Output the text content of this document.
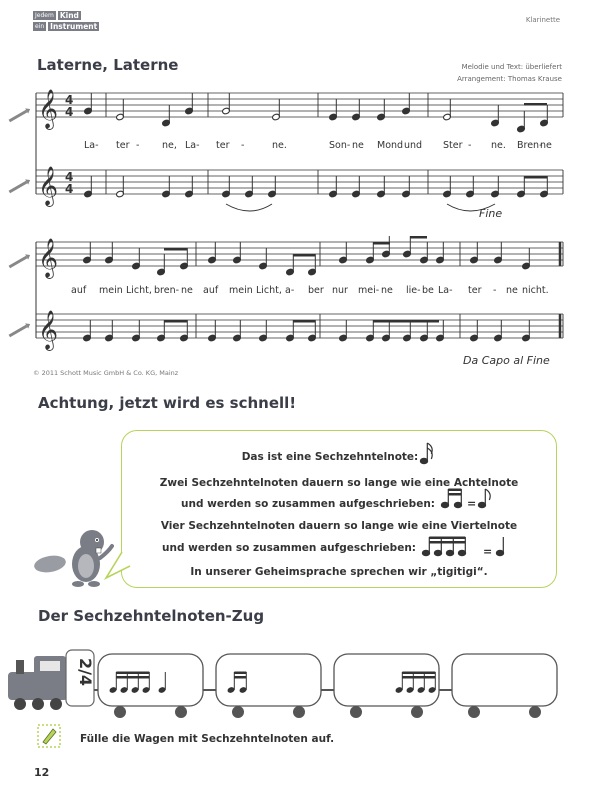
Jedem Kind
ein Instrument
Klarinette
Laterne, Laterne	Melodie und Text: überliefert
Arrangement: Thomas Krause
𝄞
𝄞
4
4
4
4
𝄞
𝄞
La- ter - ne, La- ter -	ne.	Son- ne Mond und Ster - ne. Bren-
ne
auf mein Licht, bren- ne auf mein Licht, a- ber nur mei- ne lie- be La- ter - ne nicht.
Fine
Da Capo al Fine
© 2011 Schott Music GmbH & Co. KG, Mainz
Achtung, jetzt wird es schnell!
Das ist eine Sechzehntelnote:
Zwei Sechzehntelnoten dauern so lange wie eine Achtelnote
und werden so zusammen aufgeschrieben:
Vier Sechzehntelnoten dauern so lange wie eine Viertelnote
und werden so zusammen aufgeschrieben:
In unserer Geheimsprache sprechen wir „tigitigi“.
=
=
Der Sechzehntelnoten-Zug
2/4
Fülle die Wagen mit Sechzehntelnoten auf.
12
